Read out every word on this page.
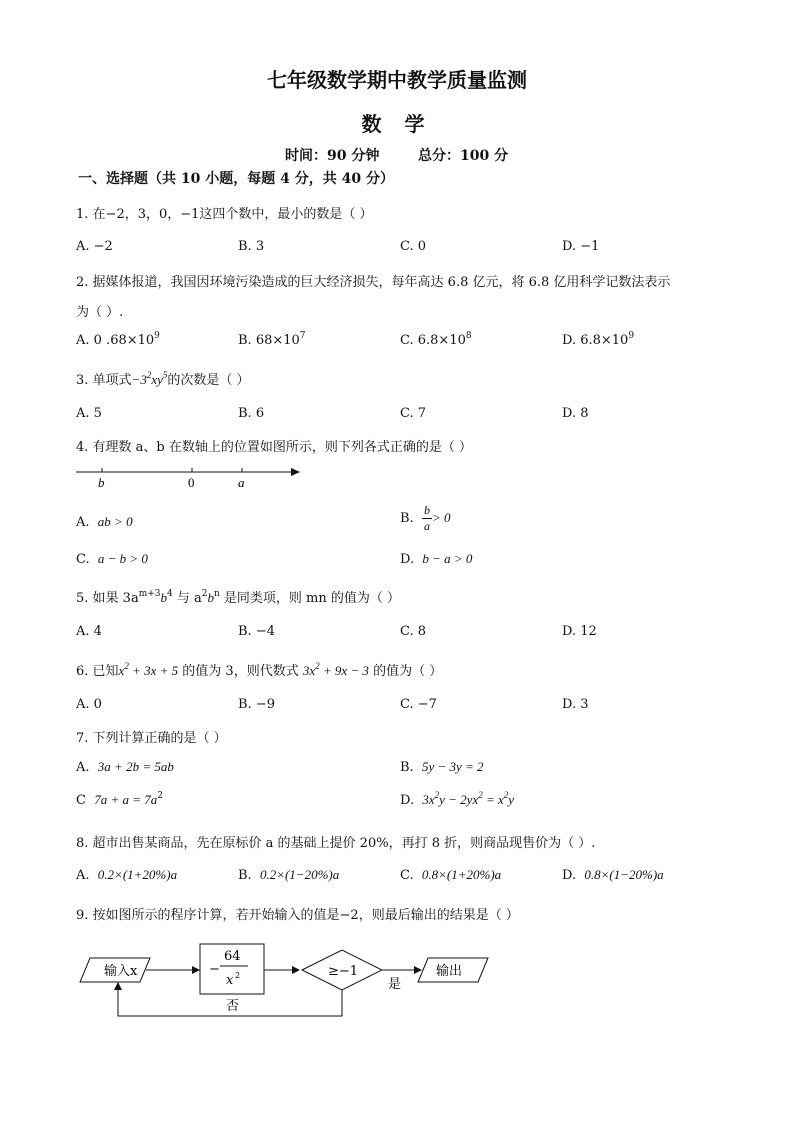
七年级数学期中教学质量监测
数 学
时间：90 分钟	总分：100 分
一、选择题（共 10 小题，每题 4 分，共 40 分）
1. 在−2，3，0，−1这四个数中，最小的数是（ ）
A. −2	B. 3	C. 0	D. −1
2. 据媒体报道，我国因环境污染造成的巨大经济损失，每年高达 6.8 亿元，将 6.8 亿用科学记数法表示
为（ ）.
A. 0 $.68\times 10^9$	B. $68\times 10^7$	C. $6.8\times 10^8$	D. $6.8\times 10^9$
3. 单项式$-3^2xy^5$的次数是（ ）
A. 5	B. 6	C. 7	D. 8
4. 有理数 a、b 在数轴上的位置如图所示，则下列各式正确的是（ ）
b	0	a
A. ab > 0	B. $\frac{b}{a} > 0$
C. a − b > 0	D. b − a > 0
5. 如果 $3a^{m+3}b^4$ 与 $a^2b^n$ 是同类项，则 mn 的值为（ ）
A. 4	B. −4	C. 8	D. 12
6. 已知$x^2 + 3x + 5$ 的值为 3，则代数式 $3x^2 + 9x - 3$ 的值为（ ）
A. 0	B. −9	C. −7	D. 3
7. 下列计算正确的是（ ）
A. 3a + 2b = 5ab	B. 5y − 3y = 2
C $7a + a = 7a^2$	D. $3x^2y - 2yx^2 = x^2y$
8. 超市出售某商品，先在原标价 a 的基础上提价 20%，再打 8 折，则商品现售价为（ ）.
A. 0.2×(1+20%)a	B. 0.2×(1−20%)a	C. 0.8×(1+20%)a	D. 0.8×(1−20%)a
9. 按如图所示的程序计算，若开始输入的值是−2，则最后输出的结果是（ ）
输入x	−
64
x 2	≥−1
是
输出
否
